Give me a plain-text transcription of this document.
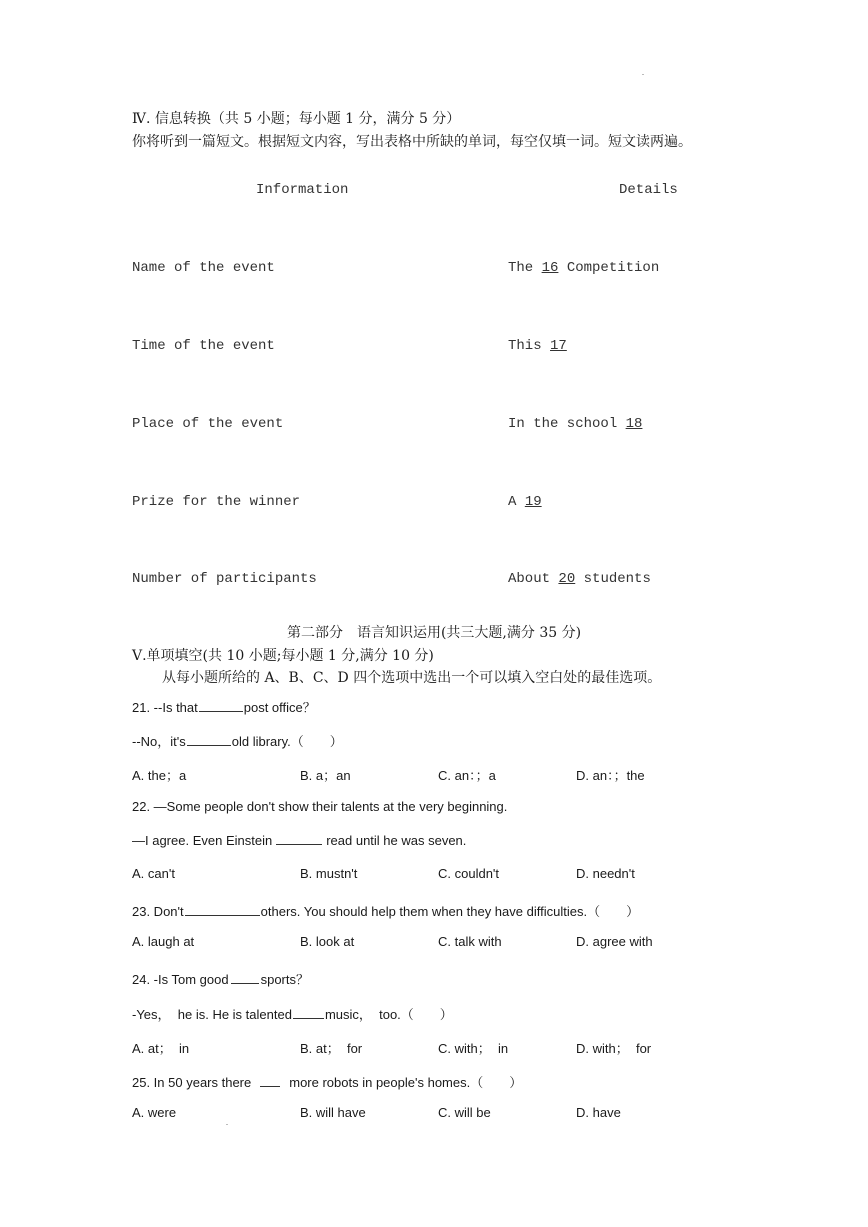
Ⅳ. 信息转换（共 5 小题；每小题 1 分，满分 5 分）
你将听到一篇短文。根据短文内容，写出表格中所缺的单词，每空仅填一词。短文读两遍。
Information	Details
Name of the event	The 16 Competition
Time of the event	This 17
Place of the event	In the school 18
Prize for the winner	A 19
Number of participants	About 20 students
第二部分　语言知识运用(共三大题,满分 35 分)
Ⅴ.单项填空(共 10 小题;每小题 1 分,满分 10 分)
从每小题所给的 A、B、C、D 四个选项中选出一个可以填入空白处的最佳选项。
21. --Is that	post office？
--No，it's	old library.（　　）
A. the；a	B. a；an	C. an：；a	D. an：；the
22. —Some people don't show their talents at the very beginning.
—I agree. Even Einstein	read until he was seven.
A. can't	B. mustn't	C. couldn't	D. needn't
23. Don't	others. You should help them when they have difficulties.（　　）
A. laugh at	B. look at	C. talk with	D. agree with
24. -Is Tom good sports？
-Yes，  he is. He is talented	music，  too.（　　）
A. at；  in	B. at；  for	C. with；  in	D. with；  for
25. In 50 years there	more robots in people's homes.（　　）
A. were	B. will have	C. will be	D. have
